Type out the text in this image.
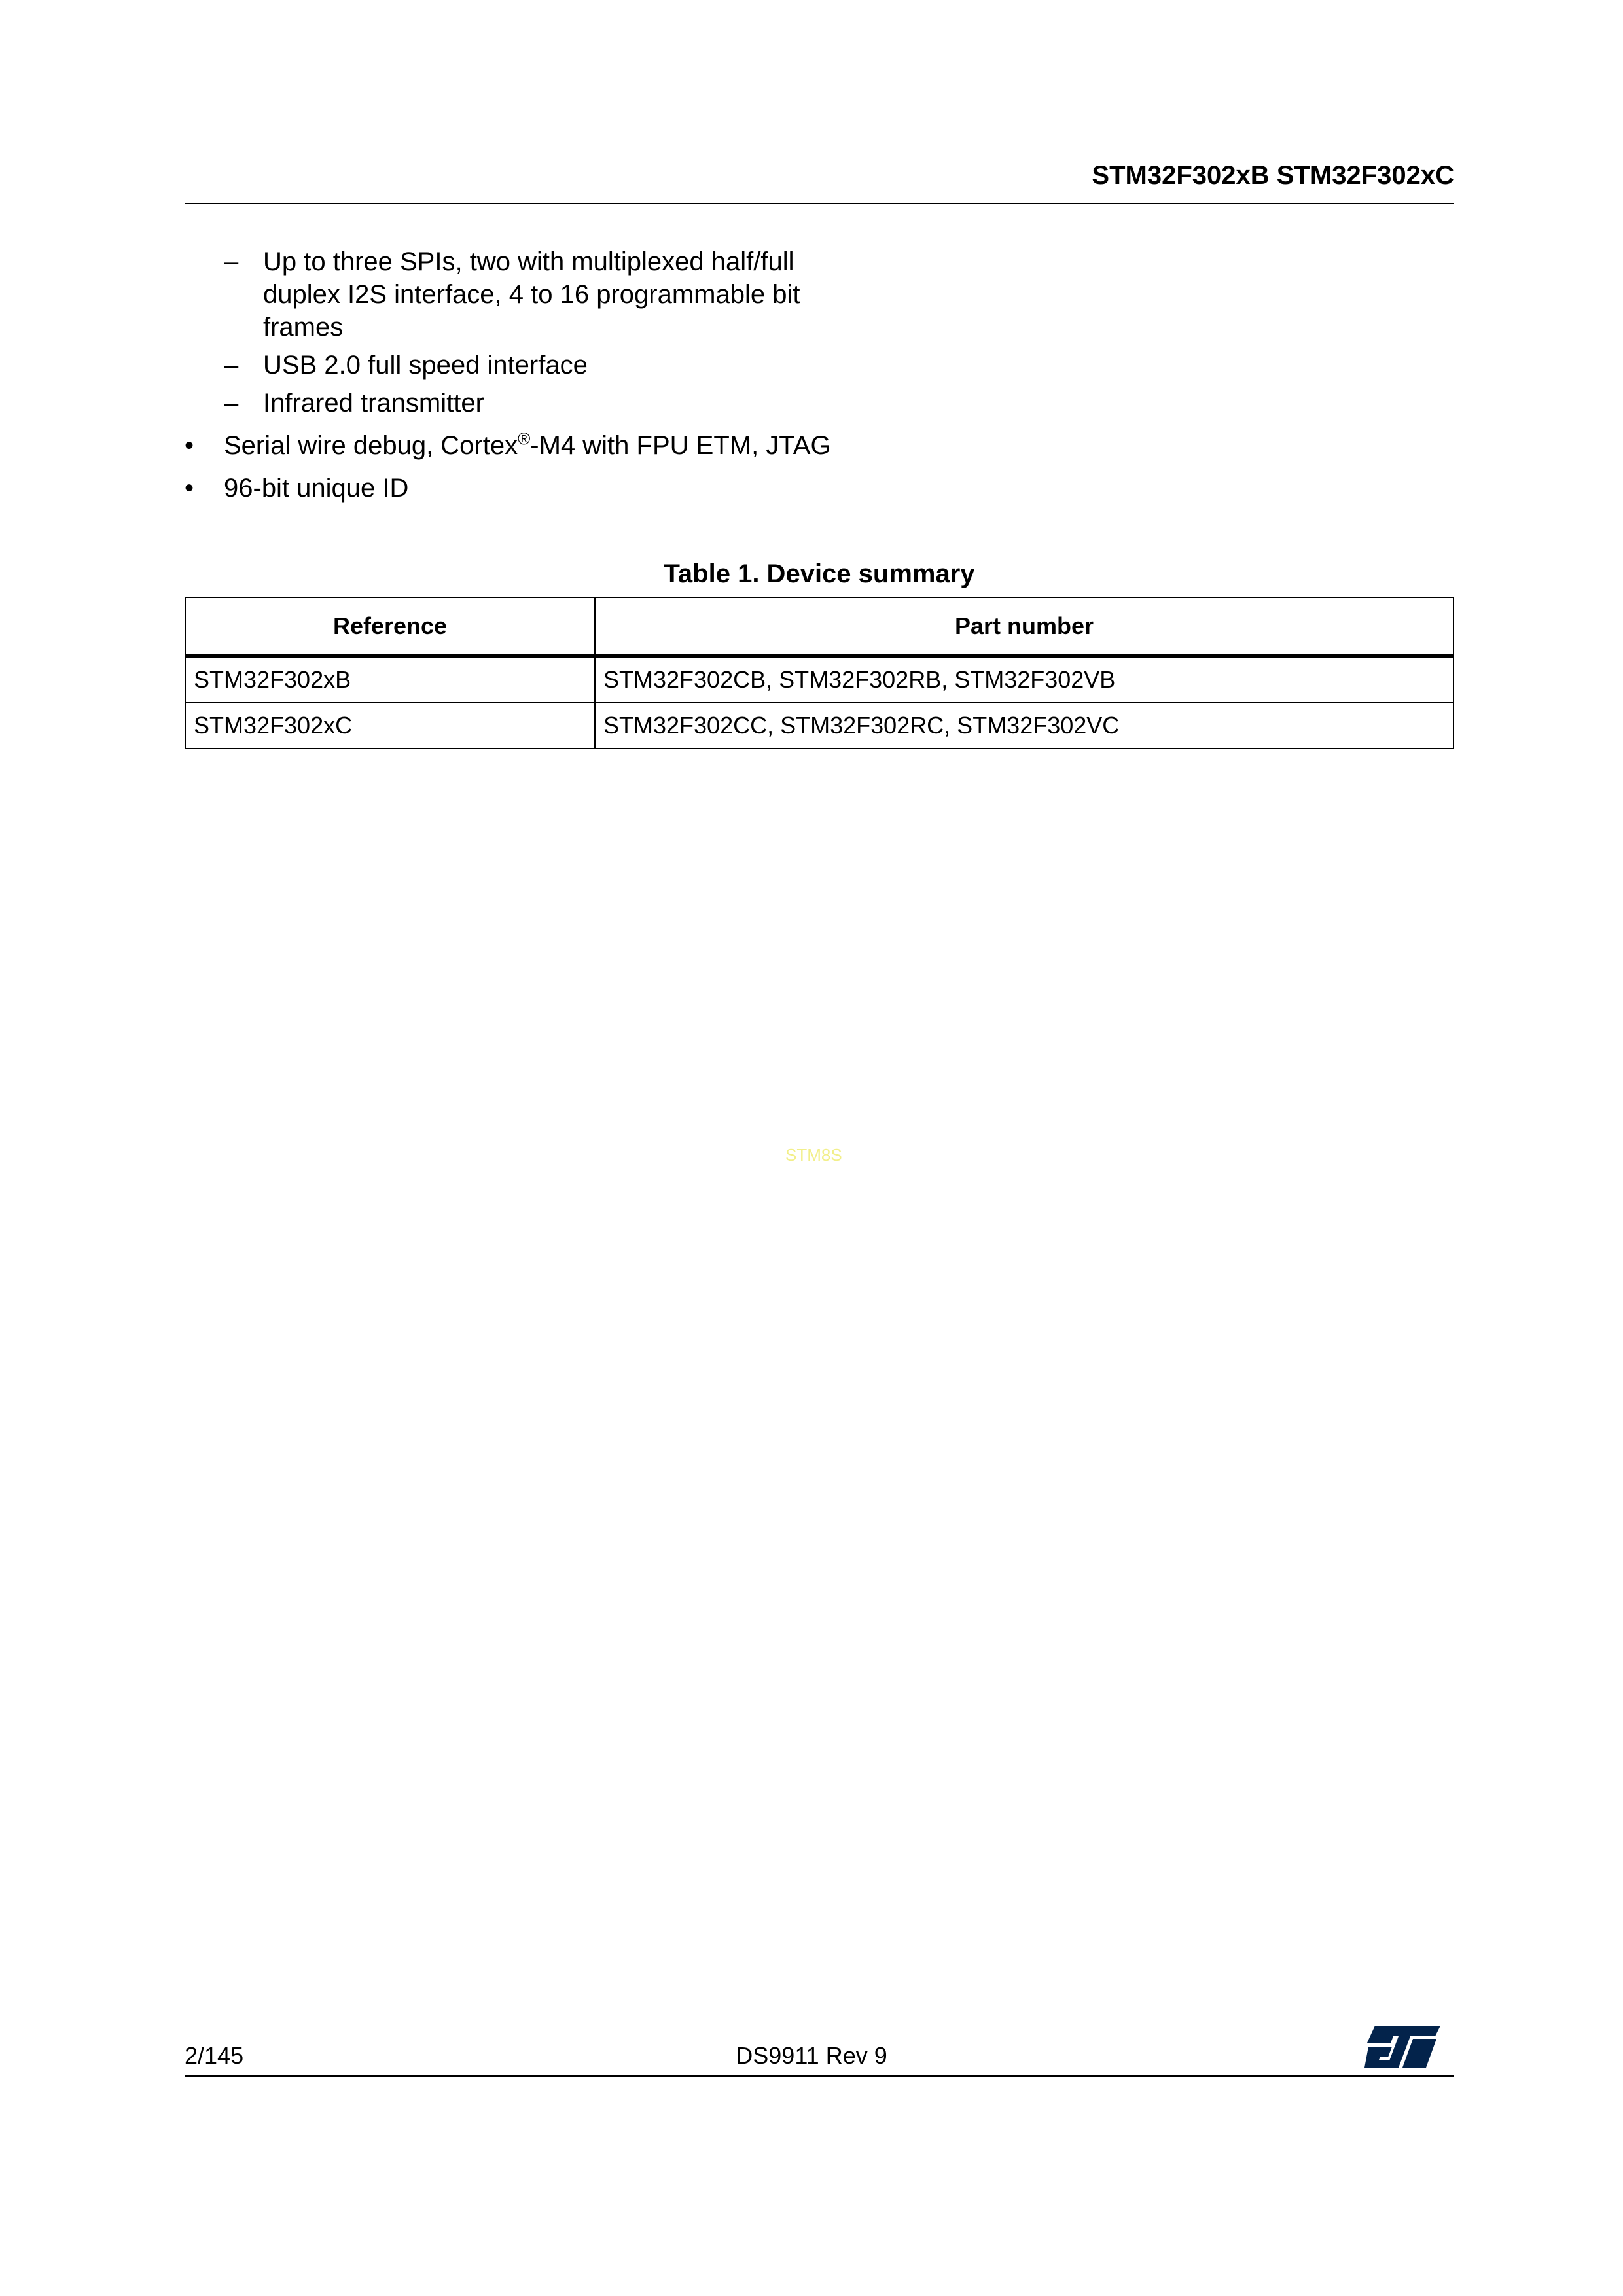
STM32F302xB STM32F302xC
– Up to three SPIs, two with multiplexed half/full duplex I2S interface, 4 to 16 programmable bit frames
– USB 2.0 full speed interface
– Infrared transmitter
• Serial wire debug, Cortex®-M4 with FPU ETM, JTAG
• 96-bit unique ID
Table 1. Device summary
Reference	Part number
STM32F302xB	STM32F302CB, STM32F302RB, STM32F302VB
STM32F302xC	STM32F302CC, STM32F302RC, STM32F302VC
STM8S
2/145	DS9911 Rev 9
